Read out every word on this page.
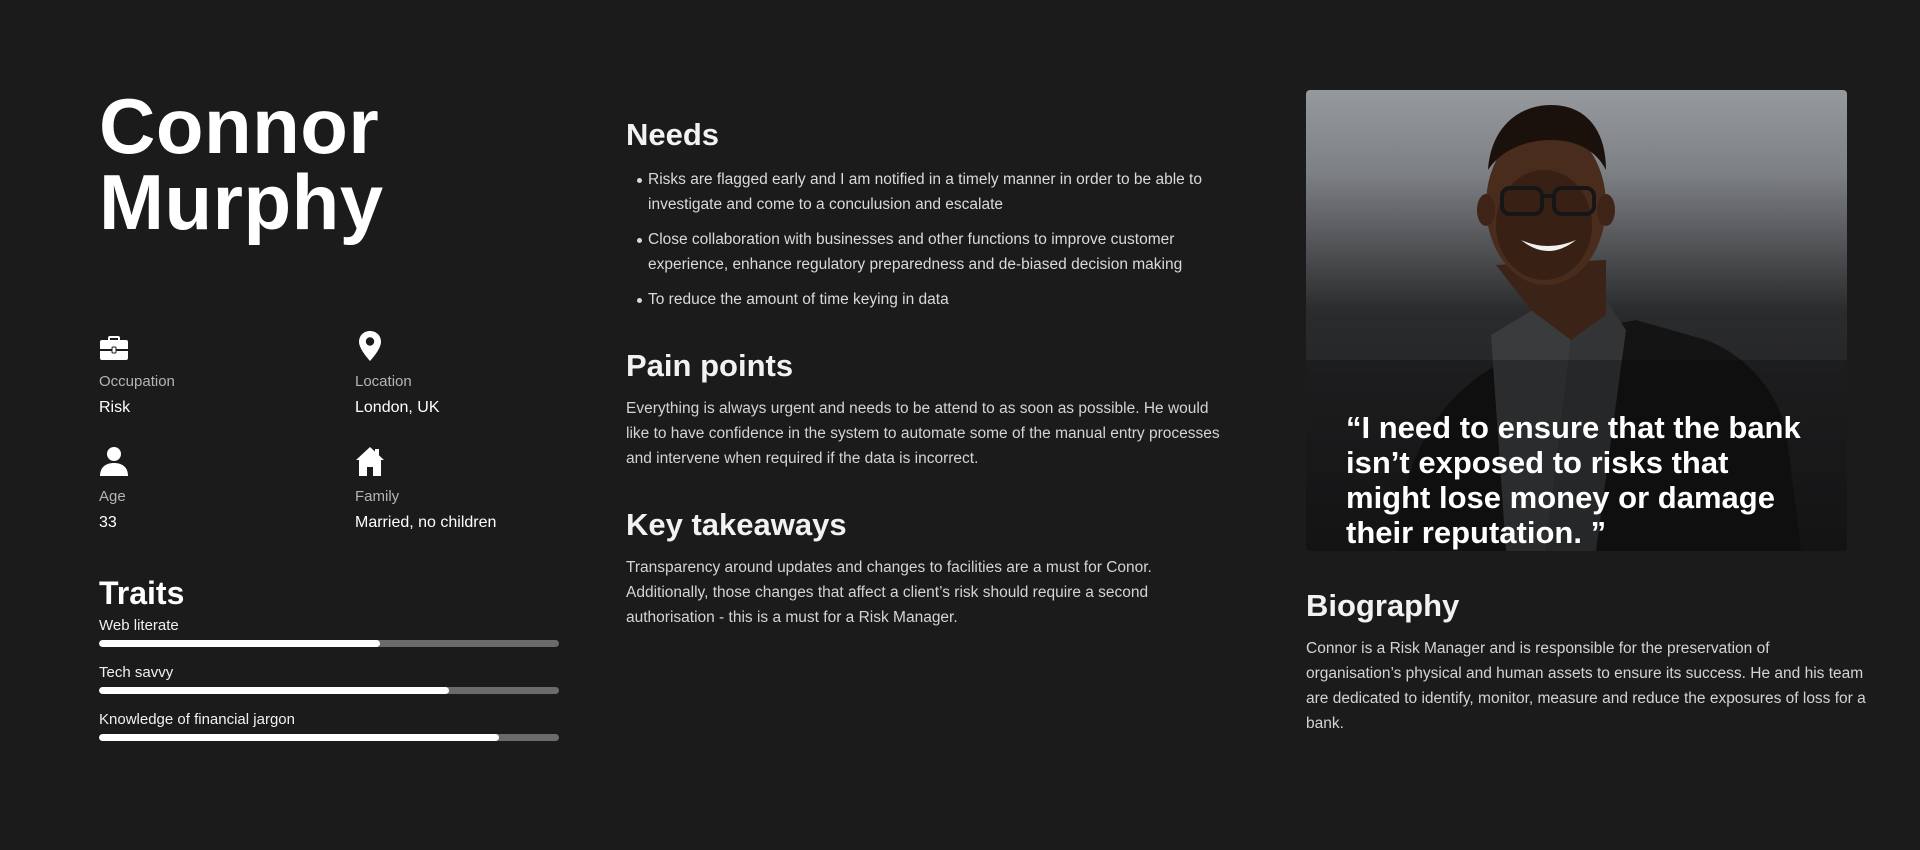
Connor
Murphy
Occupation
Risk
Location
London, UK
Age
33
Family
Married, no children
Traits
Web literate
Tech savvy
Knowledge of financial jargon
Needs
Risks are flagged early and I am notified in a timely manner in order to be able to investigate and come to a conculusion and escalate
Close collaboration with businesses and other functions to improve customer experience, enhance regulatory preparedness and de-biased decision making
To reduce the amount of time keying in data
Pain points

Everything is always urgent and needs to be attend to as soon as possible. He would like to have confidence in the system to automate some of the manual entry processes and intervene when required if the data is incorrect.

Key takeaways

Transparency around updates and changes to facilities are a must for Conor. Additionally, those changes that affect a client’s risk should require a second authorisation - this is a must for a Risk Manager.

“I need to ensure that the bank isn’t exposed to risks that might lose money or damage their reputation. ”
Biography

Connor is a Risk Manager and is responsible for the preservation of organisation’s physical and human assets to ensure its success. He and his team are dedicated to identify, monitor, measure and reduce the exposures of loss for a bank.
